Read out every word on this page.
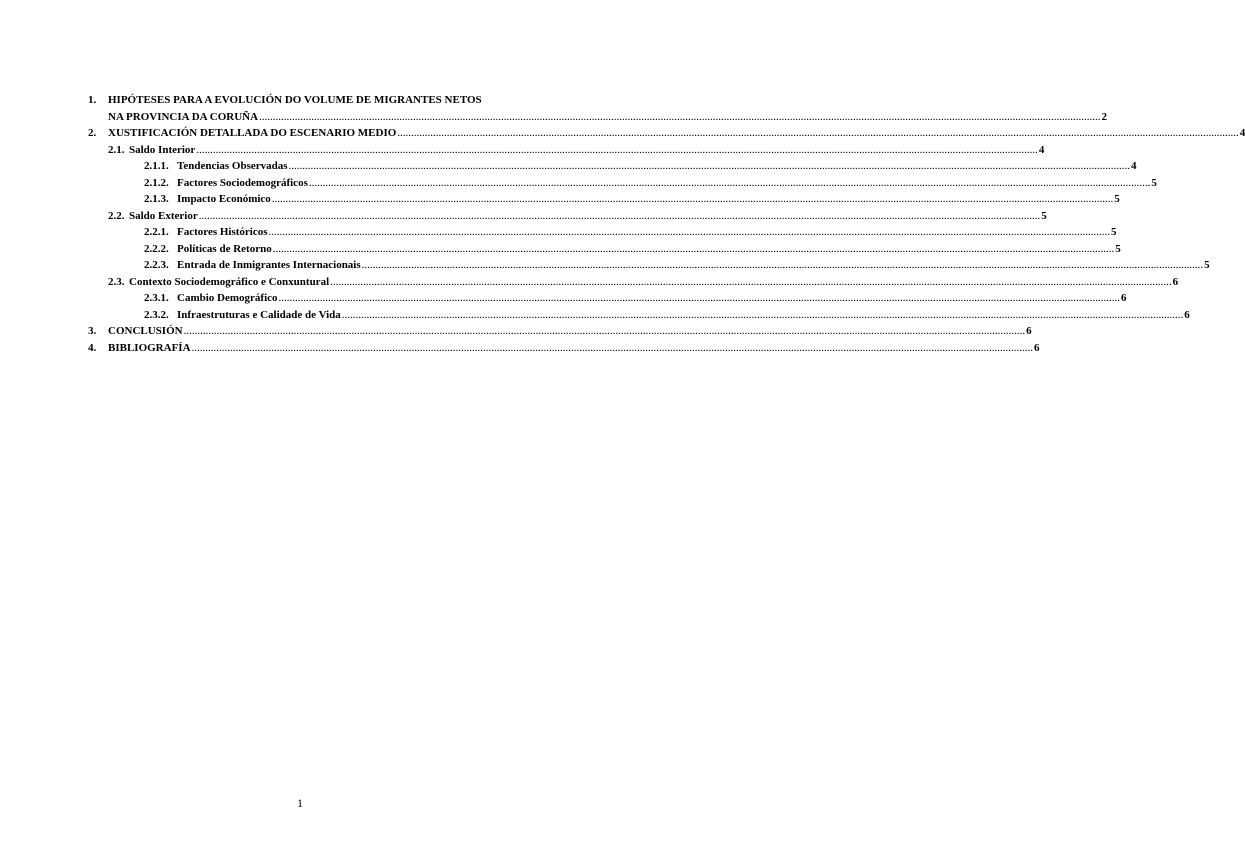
1.	HIPÓTESES PARA A EVOLUCIÓN DO VOLUME DE MIGRANTES NETOS
NA PROVINCIA DA CORUÑA .....	2
2.	XUSTIFICACIÓN DETALLADA DO ESCENARIO MEDIO .....	4
2.1. Saldo Interior .....	4
2.1.1. Tendencias Observadas .....	4
2.1.2. Factores Sociodemográficos .....	5
2.1.3. Impacto Económico .....	5
2.2. Saldo Exterior .....	5
2.2.1. Factores Históricos .....	5
2.2.2. Políticas de Retorno .....	5
2.2.3. Entrada de Inmigrantes Internacionais .....	5
2.3. Contexto Sociodemográfico e Conxuntural .....	6
2.3.1. Cambio Demográfico .....	6
2.3.2. Infraestruturas e Calidade de Vida .....	6
3.	CONCLUSIÓN .....	6
4.	BIBLIOGRAFÍA .....	6
1
